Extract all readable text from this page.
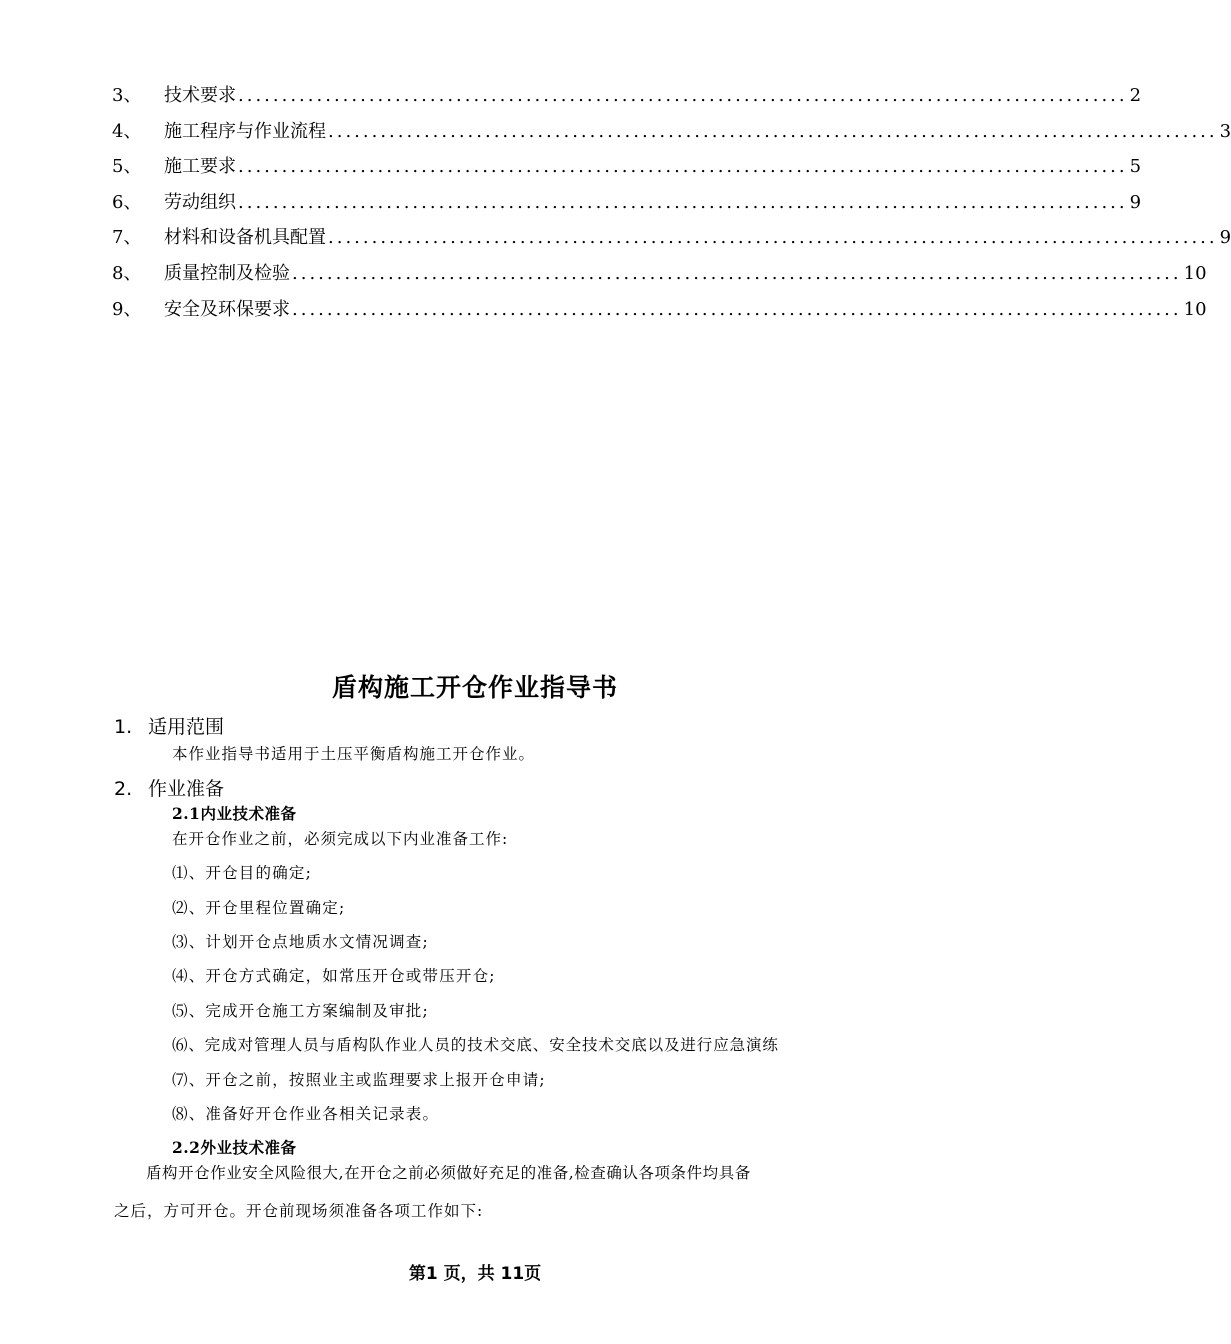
3、	技术要求 ...................................................................................................... 2
4、	施工程序与作业流程 ...................................................................................................... 3
5、	施工要求 ...................................................................................................... 5
6、	劳动组织 ...................................................................................................... 9
7、	材料和设备机具配置 ...................................................................................................... 9
8、	质量控制及检验 ...................................................................................................... 10
9、	安全及环保要求 ...................................................................................................... 10
盾构施工开仓作业指导书
1. 适用范围
本作业指导书适用于土压平衡盾构施工开仓作业。
2. 作业准备
2.1内业技术准备
在开仓作业之前，必须完成以下内业准备工作:
⑴、开仓目的确定;
⑵、开仓里程位置确定;
⑶、计划开仓点地质水文情况调查;
⑷、开仓方式确定，如常压开仓或带压开仓;
⑸、完成开仓施工方案编制及审批;
⑹、完成对管理人员与盾构队作业人员的技术交底、安全技术交底以及进行应急演练
⑺、开仓之前，按照业主或监理要求上报开仓申请;
⑻、准备好开仓作业各相关记录表。
2.2外业技术准备
盾构开仓作业安全风险很大,在开仓之前必须做好充足的准备,检查确认各项条件均具备
之后，方可开仓。开仓前现场须准备各项工作如下:
第1 页，共 11页
